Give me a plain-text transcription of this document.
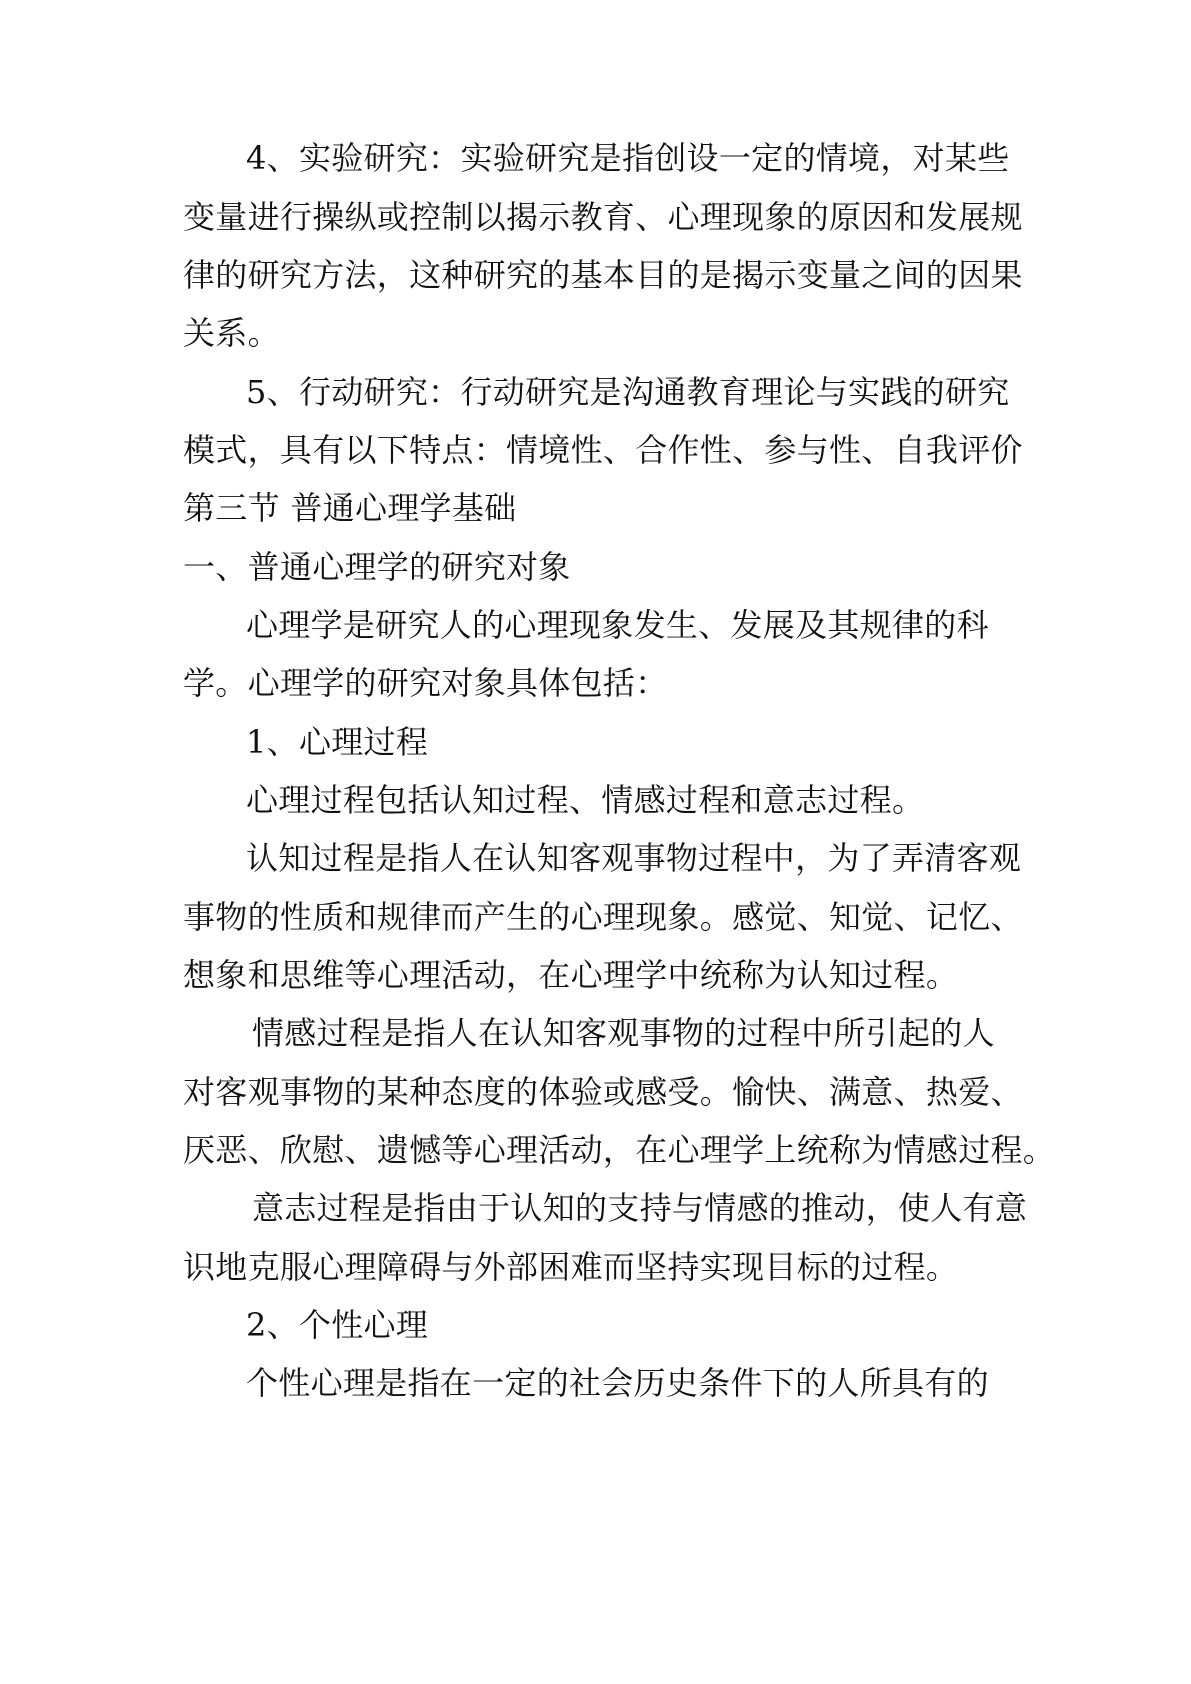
4、实验研究：实验研究是指创设一定的情境，对某些
变量进行操纵或控制以揭示教育、心理现象的原因和发展规
律的研究方法，这种研究的基本目的是揭示变量之间的因果
关系。
5、行动研究：行动研究是沟通教育理论与实践的研究
模式，具有以下特点：情境性、合作性、参与性、自我评价
第三节 普通心理学基础
一、普通心理学的研究对象
心理学是研究人的心理现象发生、发展及其规律的科
学。心理学的研究对象具体包括：
1、心理过程
心理过程包括认知过程、情感过程和意志过程。
认知过程是指人在认知客观事物过程中，为了弄清客观
事物的性质和规律而产生的心理现象。感觉、知觉、记忆、
想象和思维等心理活动，在心理学中统称为认知过程。
情感过程是指人在认知客观事物的过程中所引起的人
对客观事物的某种态度的体验或感受。愉快、满意、热爱、
厌恶、欣慰、遗憾等心理活动，在心理学上统称为情感过程。
意志过程是指由于认知的支持与情感的推动，使人有意
识地克服心理障碍与外部困难而坚持实现目标的过程。
2、个性心理
个性心理是指在一定的社会历史条件下的人所具有的
